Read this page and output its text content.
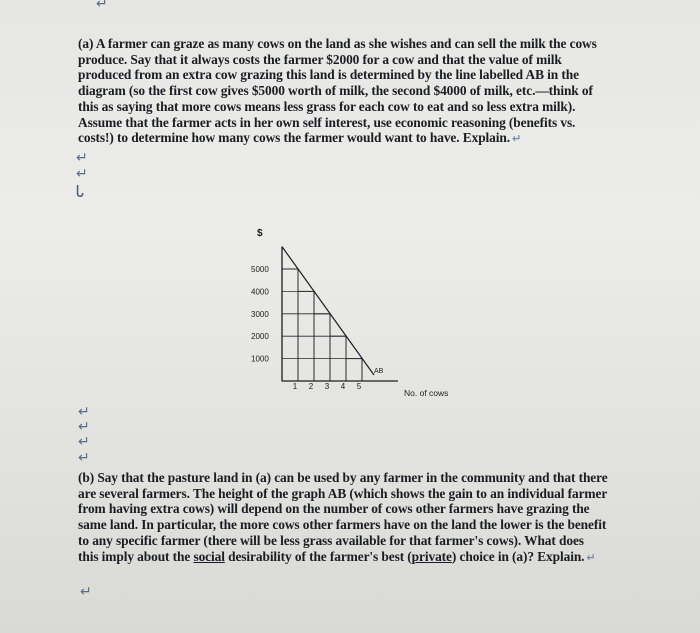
↵
(a) A farmer can graze as many cows on the land as she wishes and can sell the milk the cows
produce. Say that it always costs the farmer $2000 for a cow and that the value of milk
produced from an extra cow grazing this land is determined by the line labelled AB in the
diagram (so the first cow gives $5000 worth of milk, the second $4000 of milk, etc.—think of
this as saying that more cows means less grass for each cow to eat and so less extra milk).
Assume that the farmer acts in her own self interest, use economic reasoning (benefits vs.
costs!) to determine how many cows the farmer would want to have. Explain. ↵
↵
↵
Ꮣ
$
5000
4000
3000
2000
1000
1 2 3 4 5
AB
No. of cows
↵
↵
↵
↵
(b) Say that the pasture land in (a) can be used by any farmer in the community and that there
are several farmers. The height of the graph AB (which shows the gain to an individual farmer
from having extra cows) will depend on the number of cows other farmers have grazing the
same land. In particular, the more cows other farmers have on the land the lower is the benefit
to any specific farmer (there will be less grass available for that farmer's cows). What does
this imply about the social desirability of the farmer's best (private) choice in (a)? Explain. ↵
↵
